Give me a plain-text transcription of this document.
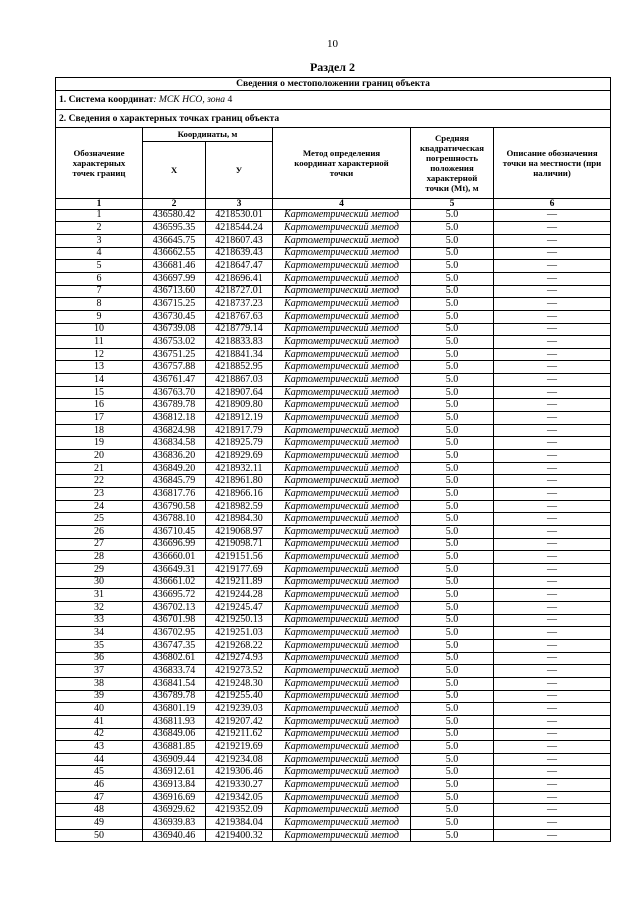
10
Раздел 2
Сведения о местоположении границ объекта					
1. Система координат: МСК НСО, зона 4					
2. Сведения о характерных точках границ объекта					
Обозначение характерных точек границ	Координаты, м		Метод определения координат характерной точки	Средняя квадратическая погрешность положения характерной точки (Mt), м	Описание обозначения точки на местности (при наличии)
	Х	У			
1	2	3	4	5	6
1	436580.42	4218530.01	Картометрический метод	5.0	—
2	436595.35	4218544.24	Картометрический метод	5.0	—
3	436645.75	4218607.43	Картометрический метод	5.0	—
4	436662.55	4218639.43	Картометрический метод	5.0	—
5	436681.46	4218647.47	Картометрический метод	5.0	—
6	436697.99	4218696.41	Картометрический метод	5.0	—
7	436713.60	4218727.01	Картометрический метод	5.0	—
8	436715.25	4218737.23	Картометрический метод	5.0	—
9	436730.45	4218767.63	Картометрический метод	5.0	—
10	436739.08	4218779.14	Картометрический метод	5.0	—
11	436753.02	4218833.83	Картометрический метод	5.0	—
12	436751.25	4218841.34	Картометрический метод	5.0	—
13	436757.88	4218852.95	Картометрический метод	5.0	—
14	436761.47	4218867.03	Картометрический метод	5.0	—
15	436763.70	4218907.64	Картометрический метод	5.0	—
16	436789.78	4218909.80	Картометрический метод	5.0	—
17	436812.18	4218912.19	Картометрический метод	5.0	—
18	436824.98	4218917.79	Картометрический метод	5.0	—
19	436834.58	4218925.79	Картометрический метод	5.0	—
20	436836.20	4218929.69	Картометрический метод	5.0	—
21	436849.20	4218932.11	Картометрический метод	5.0	—
22	436845.79	4218961.80	Картометрический метод	5.0	—
23	436817.76	4218966.16	Картометрический метод	5.0	—
24	436790.58	4218982.59	Картометрический метод	5.0	—
25	436788.10	4218984.30	Картометрический метод	5.0	—
26	436710.45	4219068.97	Картометрический метод	5.0	—
27	436696.99	4219098.71	Картометрический метод	5.0	—
28	436660.01	4219151.56	Картометрический метод	5.0	—
29	436649.31	4219177.69	Картометрический метод	5.0	—
30	436661.02	4219211.89	Картометрический метод	5.0	—
31	436695.72	4219244.28	Картометрический метод	5.0	—
32	436702.13	4219245.47	Картометрический метод	5.0	—
33	436701.98	4219250.13	Картометрический метод	5.0	—
34	436702.95	4219251.03	Картометрический метод	5.0	—
35	436747.35	4219268.22	Картометрический метод	5.0	—
36	436802.61	4219274.93	Картометрический метод	5.0	—
37	436833.74	4219273.52	Картометрический метод	5.0	—
38	436841.54	4219248.30	Картометрический метод	5.0	—
39	436789.78	4219255.40	Картометрический метод	5.0	—
40	436801.19	4219239.03	Картометрический метод	5.0	—
41	436811.93	4219207.42	Картометрический метод	5.0	—
42	436849.06	4219211.62	Картометрический метод	5.0	—
43	436881.85	4219219.69	Картометрический метод	5.0	—
44	436909.44	4219234.08	Картометрический метод	5.0	—
45	436912.61	4219306.46	Картометрический метод	5.0	—
46	436913.84	4219330.27	Картометрический метод	5.0	—
47	436916.69	4219342.05	Картометрический метод	5.0	—
48	436929.62	4219352.09	Картометрический метод	5.0	—
49	436939.83	4219384.04	Картометрический метод	5.0	—
50	436940.46	4219400.32	Картометрический метод	5.0	—
